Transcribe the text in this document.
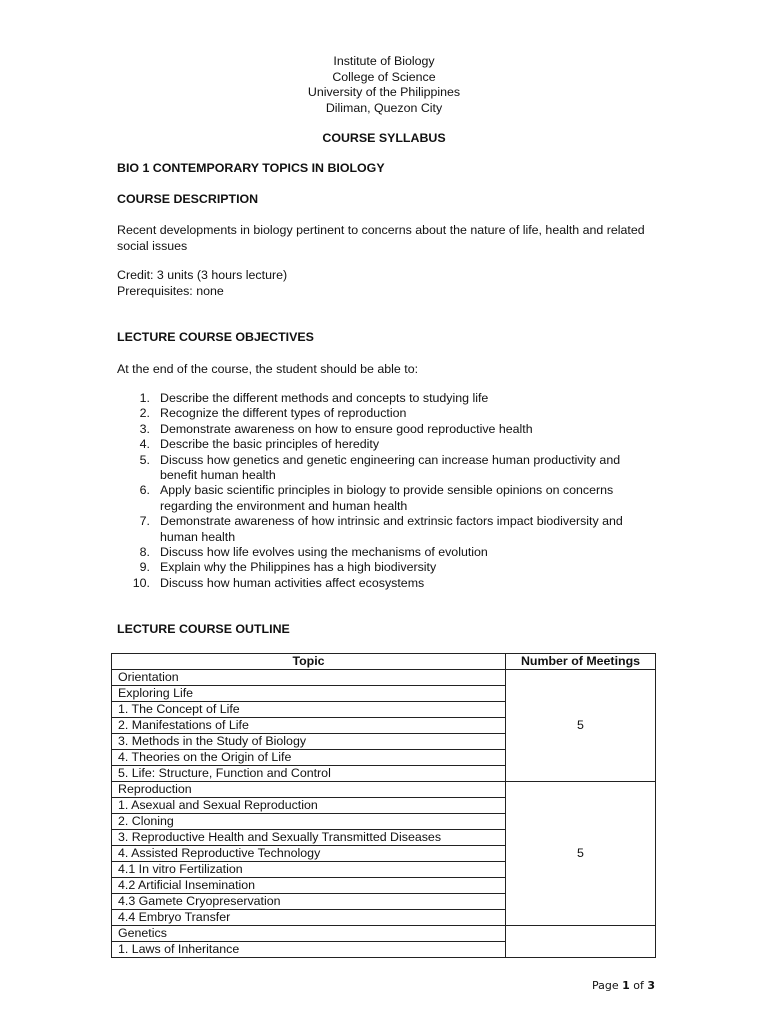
Institute of Biology
College of Science
University of the Philippines
Diliman, Quezon City
COURSE SYLLABUS
BIO 1 CONTEMPORARY TOPICS IN BIOLOGY
COURSE DESCRIPTION
Recent developments in biology pertinent to concerns about the nature of life, health and related social issues
Credit: 3 units (3 hours lecture)
Prerequisites: none
LECTURE COURSE OBJECTIVES
At the end of the course, the student should be able to:
1. Describe the different methods and concepts to studying life
2. Recognize the different types of reproduction
3. Demonstrate awareness on how to ensure good reproductive health
4. Describe the basic principles of heredity
5. Discuss how genetics and genetic engineering can increase human productivity and benefit human health
6. Apply basic scientific principles in biology to provide sensible opinions on concerns regarding the environment and human health
7. Demonstrate awareness of how intrinsic and extrinsic factors impact biodiversity and human health
8. Discuss how life evolves using the mechanisms of evolution
9. Explain why the Philippines has a high biodiversity
10. Discuss how human activities affect ecosystems
LECTURE COURSE OUTLINE
Topic	Number of Meetings
Orientation	5
Exploring Life	
1. The Concept of Life	
2. Manifestations of Life	
3. Methods in the Study of Biology	
4. Theories on the Origin of Life	
5. Life: Structure, Function and Control	
Reproduction	5
1. Asexual and Sexual Reproduction	
2. Cloning	
3. Reproductive Health and Sexually Transmitted Diseases	
4. Assisted Reproductive Technology	
4.1 In vitro Fertilization	
4.2 Artificial Insemination	
4.3 Gamete Cryopreservation	
4.4 Embryo Transfer	
Genetics	
1. Laws of Inheritance	
Page 1 of 3
